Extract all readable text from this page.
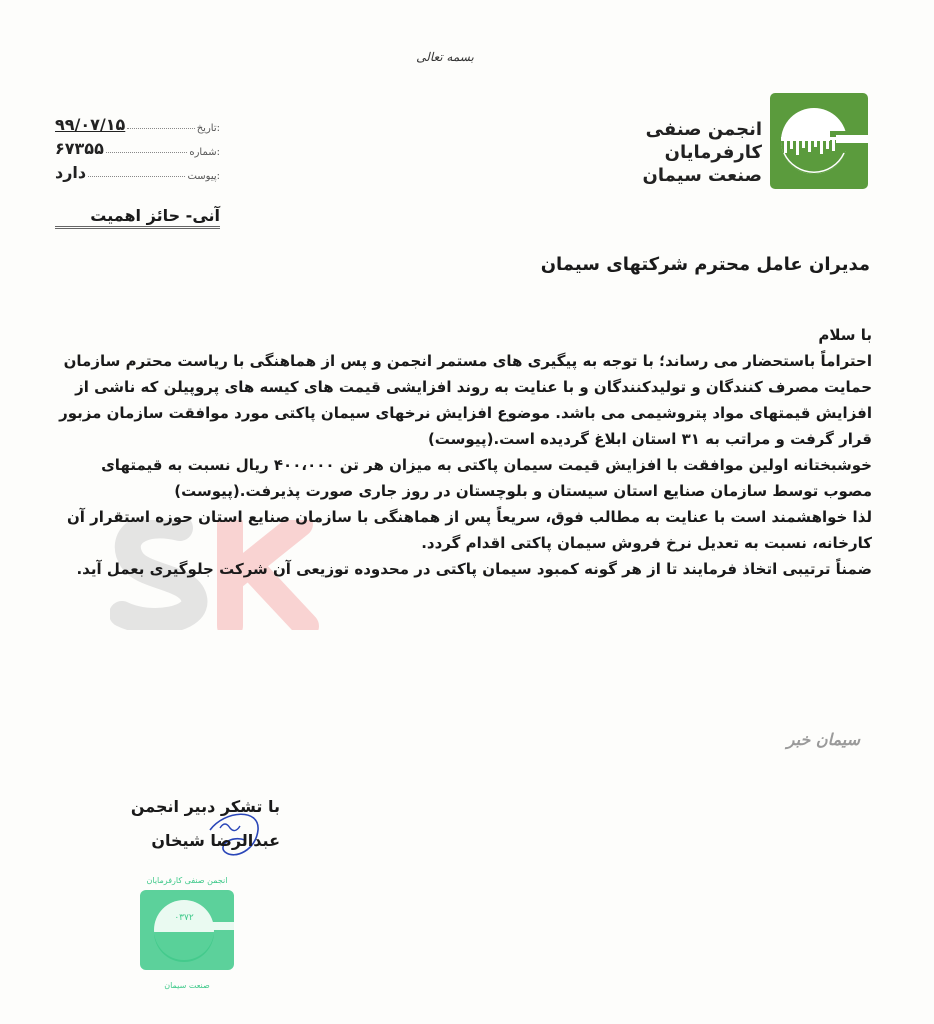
بسمه تعالی
انجمن صنفی
کارفرمایان
صنعت سیمان
تاریخ:
۹۹/۰۷/۱۵
شماره:
۶۷۳۵۵
پیوست:
دارد
آنی- حائز اهمیت
مدیران عامل محترم شرکتهای سیمان

با سلام

احتراماً باستحضار می رساند؛ با توجه به پیگیری های مستمر انجمن و پس از هماهنگی با ریاست محترم سازمان حمایت مصرف کنندگان و تولیدکنندگان و با عنایت به روند افزایشی قیمت های کیسه های پروپیلن که ناشی از افزایش قیمتهای مواد پتروشیمی می باشد. موضوع افزایش نرخهای سیمان پاکتی مورد موافقت سازمان مزبور قرار گرفت و مراتب به ۳۱ استان ابلاغ گردیده است.(پیوست)

خوشبختانه اولین موافقت با افزایش قیمت سیمان پاکتی به میزان هر تن ۴۰۰،۰۰۰ ریال نسبت به قیمتهای مصوب توسط سازمان صنایع استان سیستان و بلوچستان در روز جاری صورت پذیرفت.(پیوست)

لذا خواهشمند است با عنایت به مطالب فوق، سریعاً پس از هماهنگی با سازمان صنایع استان حوزه استقرار آن کارخانه، نسبت به تعدیل نرخ فروش سیمان پاکتی اقدام گردد.

ضمناً ترتیبی اتخاذ فرمایند تا از هر گونه کمبود سیمان پاکتی در محدوده توزیعی آن شرکت جلوگیری بعمل آید.

سیمان خبر
با تشکر دبیر انجمن
عبدالرضا شیخان
انجمن صنفی کارفرمایان
۰۳۷۲
صنعت سیمان
